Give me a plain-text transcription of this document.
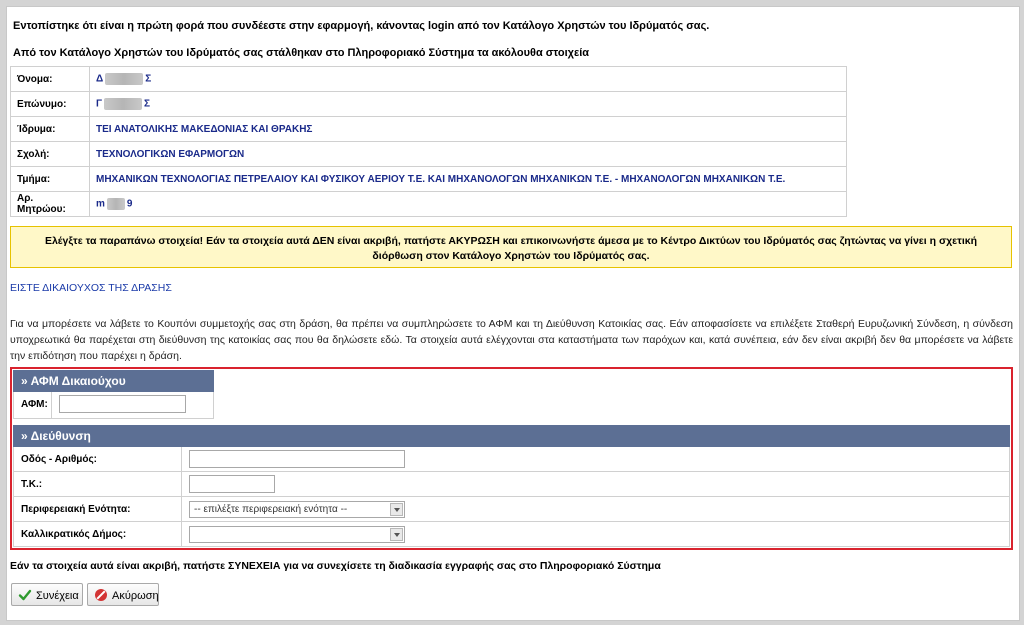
Εντοπίστηκε ότι είναι η πρώτη φορά που συνδέεστε στην εφαρμογή, κάνοντας login από τον Κατάλογο Χρηστών του Ιδρύματός σας.
Από τον Κατάλογο Χρηστών του Ιδρύματός σας στάλθηκαν στο Πληροφοριακό Σύστημα τα ακόλουθα στοιχεία
Όνομα:	Δ Σ
Επώνυμο:	Γ Σ
Ίδρυμα:	ΤΕΙ ΑΝΑΤΟΛΙΚΗΣ ΜΑΚΕΔΟΝΙΑΣ ΚΑΙ ΘΡΑΚΗΣ
Σχολή:	ΤΕΧΝΟΛΟΓΙΚΩΝ ΕΦΑΡΜΟΓΩΝ
Τμήμα:	ΜΗΧΑΝΙΚΩΝ ΤΕΧΝΟΛΟΓΙΑΣ ΠΕΤΡΕΛΑΙΟΥ ΚΑΙ ΦΥΣΙΚΟΥ ΑΕΡΙΟΥ Τ.Ε. ΚΑΙ ΜΗΧΑΝΟΛΟΓΩΝ ΜΗΧΑΝΙΚΩΝ Τ.Ε. - ΜΗΧΑΝΟΛΟΓΩΝ ΜΗΧΑΝΙΚΩΝ Τ.Ε.
Αρ. Μητρώου:	m 9
Ελέγξτε τα παραπάνω στοιχεία! Εάν τα στοιχεία αυτά ΔΕΝ είναι ακριβή, πατήστε ΑΚΥΡΩΣΗ και επικοινωνήστε άμεσα με το Κέντρο Δικτύων του Ιδρύματός σας ζητώντας να γίνει η σχετική
διόρθωση στον Κατάλογο Χρηστών του Ιδρύματός σας.
ΕΙΣΤΕ ΔΙΚΑΙΟΥΧΟΣ ΤΗΣ ΔΡΑΣΗΣ
Για να μπορέσετε να λάβετε το Κουπόνι συμμετοχής σας στη δράση, θα πρέπει να συμπληρώσετε το ΑΦΜ και τη Διεύθυνση Κατοικίας σας. Εάν αποφασίσετε να επιλέξετε Σταθερή Ευρυζωνική Σύνδεση, η σύνδεση υποχρεωτικά θα παρέχεται στη διεύθυνση της κατοικίας σας που θα δηλώσετε εδώ. Τα στοιχεία αυτά ελέγχονται στα καταστήματα των παρόχων και, κατά συνέπεια, εάν δεν είναι ακριβή δεν θα μπορέσετε να λάβετε την επιδότηση που παρέχει η δράση.
» ΑΦΜ Δικαιούχου
ΑΦΜ:
» Διεύθυνση
Οδός - Αριθμός:
Τ.Κ.:
Περιφερειακή Ενότητα:	-- επιλέξτε περιφερειακή ενότητα --
Καλλικρατικός Δήμος:
Εάν τα στοιχεία αυτά είναι ακριβή, πατήστε ΣΥΝΕΧΕΙΑ για να συνεχίσετε τη διαδικασία εγγραφής σας στο Πληροφοριακό Σύστημα
Συνέχεια	Ακύρωση
